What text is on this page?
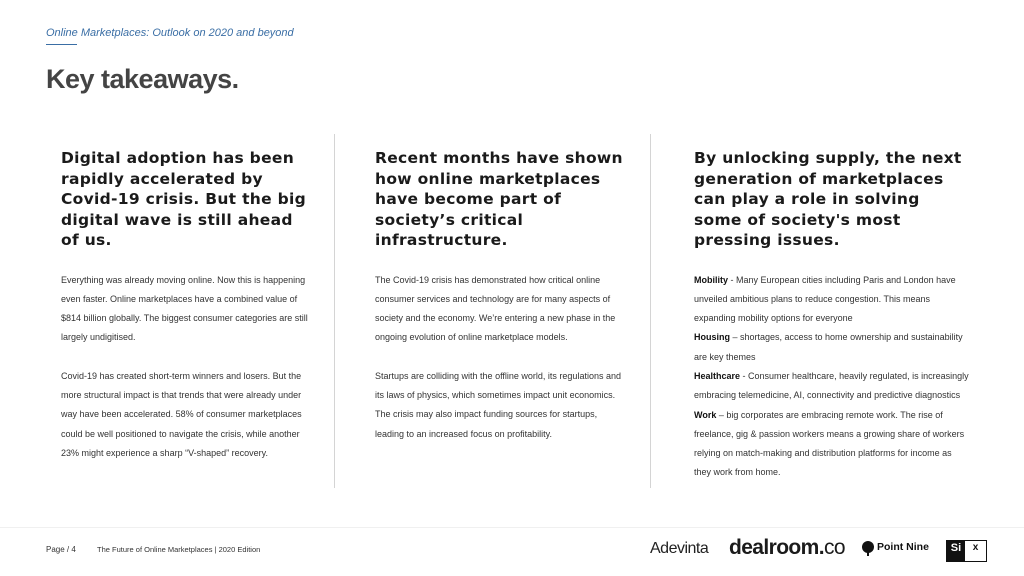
Online Marketplaces: Outlook on 2020 and beyond
Key takeaways.
Digital adoption has been rapidly accelerated by Covid-19 crisis. But the big digital wave is still ahead of us.

Everything was already moving online. Now this is happening even faster. Online marketplaces have a combined value of $814 billion globally. The biggest consumer categories are still largely undigitised.

Covid-19 has created short-term winners and losers. But the more structural impact is that trends that were already under way have been accelerated. 58% of consumer marketplaces could be well positioned to navigate the crisis, while another 23% might experience a sharp “V-shaped” recovery.

Recent months have shown how online marketplaces have become part of society’s critical infrastructure.

The Covid-19 crisis has demonstrated how critical online consumer services and technology are for many aspects of society and the economy. We’re entering a new phase in the ongoing evolution of online marketplace models.

Startups are colliding with the offline world, its regulations and its laws of physics, which sometimes impact unit economics. The crisis may also impact funding sources for startups, leading to an increased focus on profitability.

By unlocking supply, the next generation of marketplaces can play a role in solving some of society's most pressing issues.

Mobility - Many European cities including Paris and London have unveiled ambitious plans to reduce congestion. This means expanding mobility options for everyone

Housing – shortages, access to home ownership and sustainability are key themes

Healthcare - Consumer healthcare, heavily regulated, is increasingly embracing telemedicine, AI, connectivity and predictive diagnostics

Work – big corporates are embracing remote work. The rise of freelance, gig & passion workers means a growing share of workers relying on match-making and distribution platforms for income as they work from home.

Page / 4	The Future of Online Marketplaces | 2020 Edition	Adevinta dealroom.co	Point Nine	Si	x
